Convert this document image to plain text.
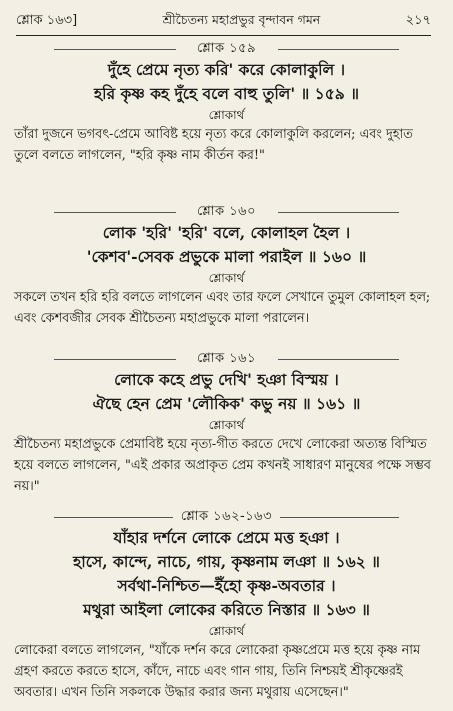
শ্লোক ১৬৩]	শ্রীচৈতন্য মহাপ্রভুর বৃন্দাবন গমন	২১৭
শ্লোক ১৫৯
দুঁহে প্রেমে নৃত্য করি' করে কোলাকুলি ।
হরি কৃষ্ণ কহ দুঁহে বলে বাহু তুলি' ॥ ১৫৯ ॥
শ্লোকার্থ
তাঁরা দুজনে ভগবৎ-প্রেমে আবিষ্ট হয়ে নৃত্য করে কোলাকুলি করলেন; এবং দুহাত
তুলে বলতে লাগলেন, "হরি কৃষ্ণ নাম কীর্তন কর!"
শ্লোক ১৬০
লোক 'হরি' 'হরি' বলে, কোলাহল হৈল ।
'কেশব'-সেবক প্রভুকে মালা পরাইল ॥ ১৬০ ॥
শ্লোকার্থ
সকলে তখন হরি হরি বলতে লাগলেন এবং তার ফলে সেখানে তুমুল কোলাহল হল;
এবং কেশবজীর সেবক শ্রীচৈতন্য মহাপ্রভুকে মালা পরালেন।
শ্লোক ১৬১
লোকে কহে প্রভু দেখি' হঞা বিস্ময় ।
ঐছে হেন প্রেম 'লৌকিক' কভু নয় ॥ ১৬১ ॥
শ্লোকার্থ
শ্রীচৈতন্য মহাপ্রভুকে প্রেমাবিষ্ট হয়ে নৃত্য-গীত করতে দেখে লোকেরা অত্যন্ত বিস্মিত
হয়ে বলতে লাগলেন, "এই প্রকার অপ্রাকৃত প্রেম কখনই সাধারণ মানুষের পক্ষে সম্ভব
নয়।"
শ্লোক ১৬২-১৬৩
যাঁহার দর্শনে লোকে প্রেমে মত্ত হঞা ।
হাসে, কান্দে, নাচে, গায়, কৃষ্ণনাম লঞা ॥ ১৬২ ॥
সর্বথা-নিশ্চিত—ইঁহো কৃষ্ণ-অবতার ।
মথুরা আইলা লোকের করিতে নিস্তার ॥ ১৬৩ ॥
শ্লোকার্থ
লোকেরা বলতে লাগলেন, "যাঁকে দর্শন করে লোকেরা কৃষ্ণপ্রেমে মত্ত হয়ে কৃষ্ণ নাম
গ্রহণ করতে করতে হাসে, কাঁদে, নাচে এবং গান গায়, তিনি নিশ্চয়ই শ্রীকৃষ্ণেরই
অবতার। এখন তিনি সকলকে উদ্ধার করার জন্য মথুরায় এসেছেন।"
